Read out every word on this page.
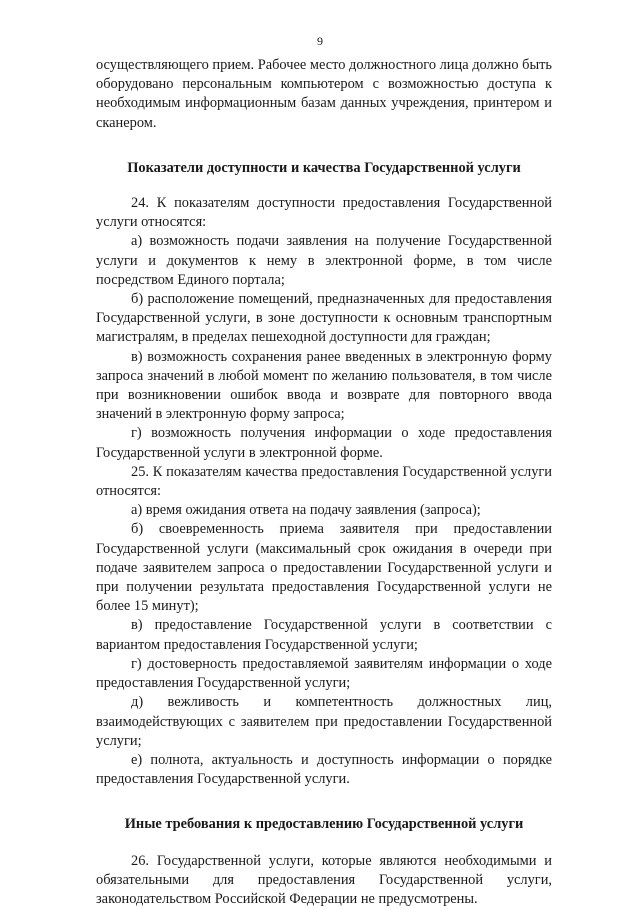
9

осуществляющего прием. Рабочее место должностного лица должно быть оборудовано персональным компьютером с возможностью доступа к необходимым информационным базам данных учреждения, принтером и сканером.

Показатели доступности и качества Государственной услуги

24. К показателям доступности предоставления Государственной услуги относятся:

а) возможность подачи заявления на получение Государственной услуги и документов к нему в электронной форме, в том числе посредством Единого портала;

б) расположение помещений, предназначенных для предоставления Государственной услуги, в зоне доступности к основным транспортным магистралям, в пределах пешеходной доступности для граждан;

в) возможность сохранения ранее введенных в электронную форму запроса значений в любой момент по желанию пользователя, в том числе при возникновении ошибок ввода и возврате для повторного ввода значений в электронную форму запроса;

г) возможность получения информации о ходе предоставления Государственной услуги в электронной форме.

25. К показателям качества предоставления Государственной услуги относятся:

а) время ожидания ответа на подачу заявления (запроса);

б) своевременность приема заявителя при предоставлении Государственной услуги (максимальный срок ожидания в очереди при подаче заявителем запроса о предоставлении Государственной услуги и при получении результата предоставления Государственной услуги не более 15 минут);

в) предоставление Государственной услуги в соответствии с вариантом предоставления Государственной услуги;

г) достоверность предоставляемой заявителям информации о ходе предоставления Государственной услуги;

д) вежливость и компетентность должностных лиц, взаимодействующих с заявителем при предоставлении Государственной услуги;

е) полнота, актуальность и доступность информации о порядке предоставления Государственной услуги.

Иные требования к предоставлению Государственной услуги

26. Государственной услуги, которые являются необходимыми и обязательными для предоставления Государственной услуги, законодательством Российской Федерации не предусмотрены.
